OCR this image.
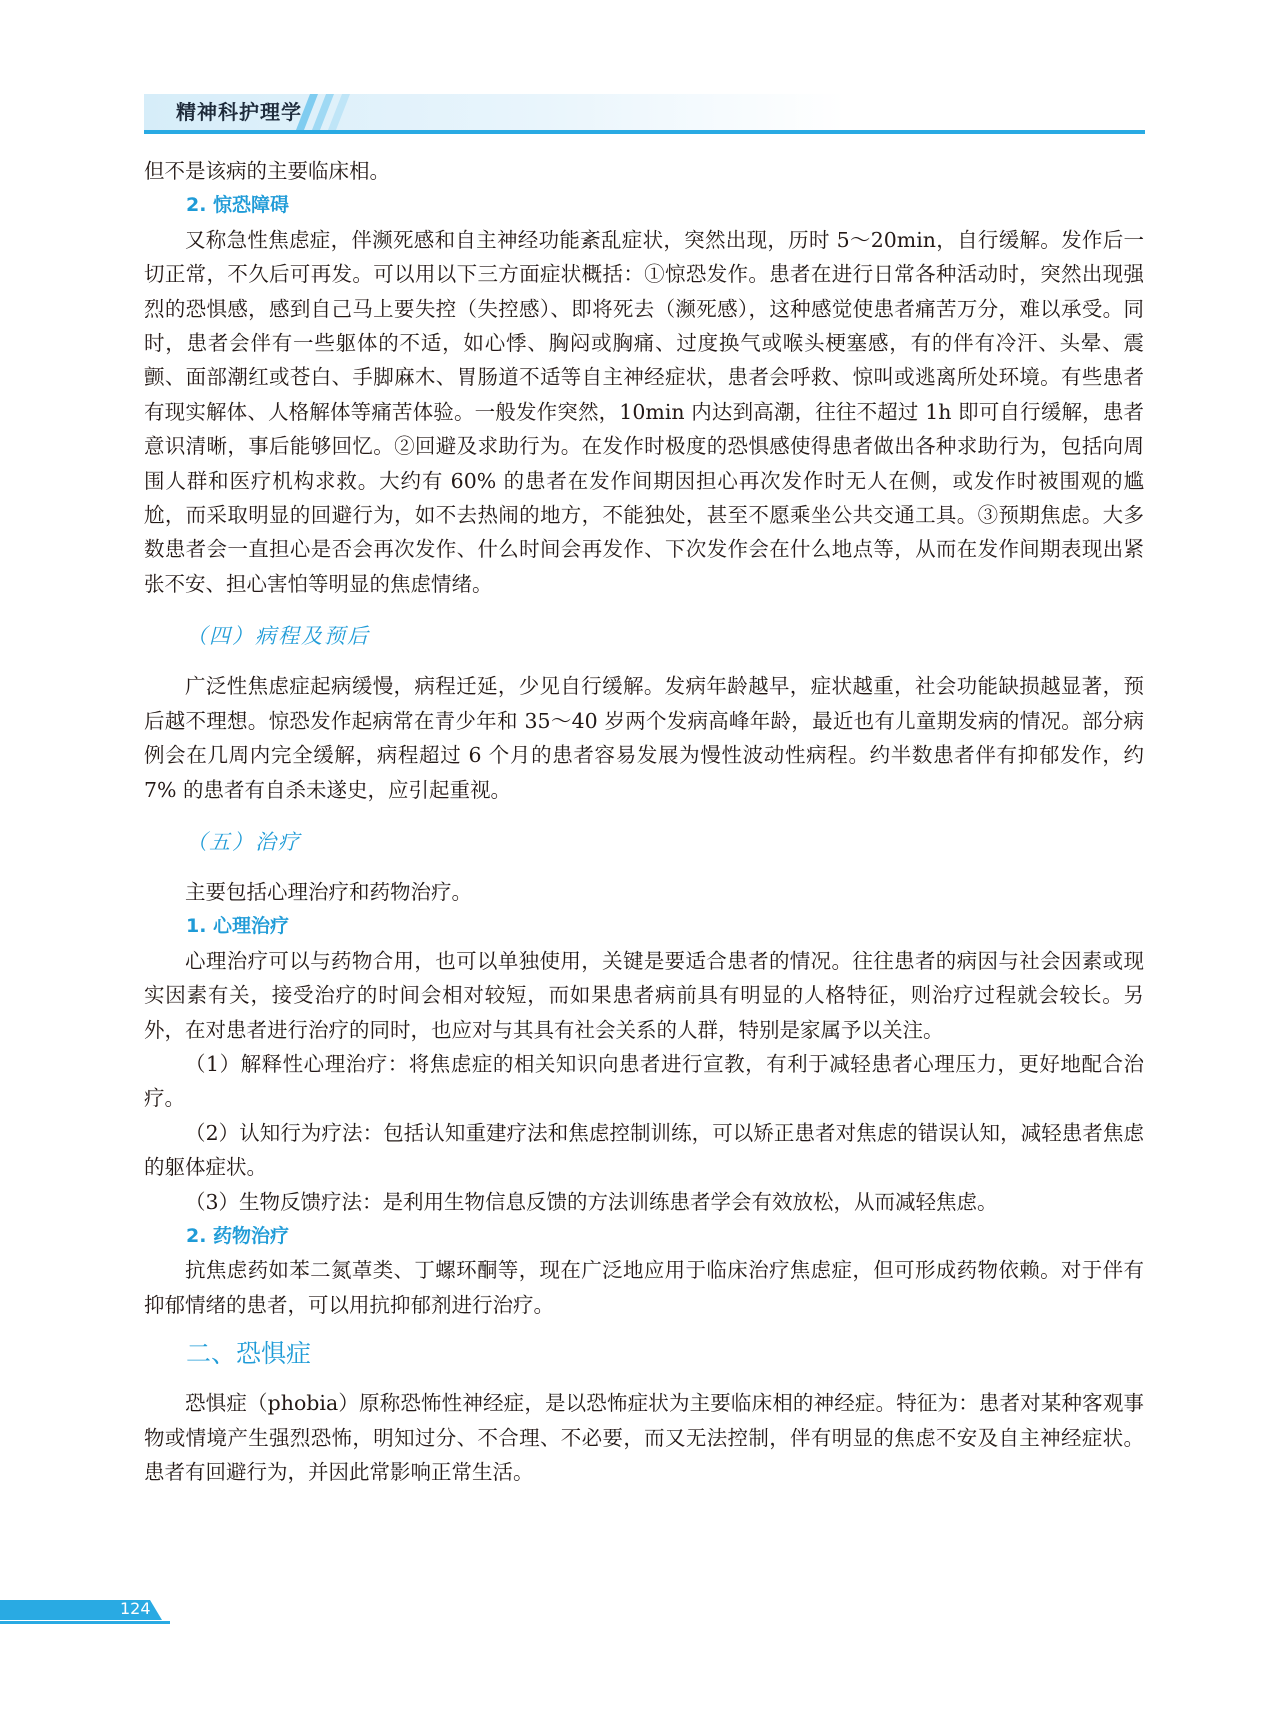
精神科护理学

但不是该病的主要临床相。

2. 惊恐障碍

又称急性焦虑症，伴濒死感和自主神经功能紊乱症状，突然出现，历时 5～20min，自行缓解。发作后一切正常，不久后可再发。可以用以下三方面症状概括：①惊恐发作。患者在进行日常各种活动时，突然出现强烈的恐惧感，感到自己马上要失控（失控感）、即将死去（濒死感），这种感觉使患者痛苦万分，难以承受。同时，患者会伴有一些躯体的不适，如心悸、胸闷或胸痛、过度换气或喉头梗塞感，有的伴有冷汗、头晕、震颤、面部潮红或苍白、手脚麻木、胃肠道不适等自主神经症状，患者会呼救、惊叫或逃离所处环境。有些患者有现实解体、人格解体等痛苦体验。一般发作突然，10min 内达到高潮，往往不超过 1h 即可自行缓解，患者意识清晰，事后能够回忆。②回避及求助行为。在发作时极度的恐惧感使得患者做出各种求助行为，包括向周围人群和医疗机构求救。大约有 60% 的患者在发作间期因担心再次发作时无人在侧，或发作时被围观的尴尬，而采取明显的回避行为，如不去热闹的地方，不能独处，甚至不愿乘坐公共交通工具。③预期焦虑。大多数患者会一直担心是否会再次发作、什么时间会再发作、下次发作会在什么地点等，从而在发作间期表现出紧张不安、担心害怕等明显的焦虑情绪。

（四）病程及预后

广泛性焦虑症起病缓慢，病程迁延，少见自行缓解。发病年龄越早，症状越重，社会功能缺损越显著，预后越不理想。惊恐发作起病常在青少年和 35～40 岁两个发病高峰年龄，最近也有儿童期发病的情况。部分病例会在几周内完全缓解，病程超过 6 个月的患者容易发展为慢性波动性病程。约半数患者伴有抑郁发作，约 7% 的患者有自杀未遂史，应引起重视。

（五）治疗

主要包括心理治疗和药物治疗。

1. 心理治疗

心理治疗可以与药物合用，也可以单独使用，关键是要适合患者的情况。往往患者的病因与社会因素或现实因素有关，接受治疗的时间会相对较短，而如果患者病前具有明显的人格特征，则治疗过程就会较长。另外，在对患者进行治疗的同时，也应对与其具有社会关系的人群，特别是家属予以关注。

（1）解释性心理治疗：将焦虑症的相关知识向患者进行宣教，有利于减轻患者心理压力，更好地配合治疗。

（2）认知行为疗法：包括认知重建疗法和焦虑控制训练，可以矫正患者对焦虑的错误认知，减轻患者焦虑的躯体症状。

（3）生物反馈疗法：是利用生物信息反馈的方法训练患者学会有效放松，从而减轻焦虑。

2. 药物治疗

抗焦虑药如苯二氮䓬类、丁螺环酮等，现在广泛地应用于临床治疗焦虑症，但可形成药物依赖。对于伴有抑郁情绪的患者，可以用抗抑郁剂进行治疗。

二、恐惧症

恐惧症（phobia）原称恐怖性神经症，是以恐怖症状为主要临床相的神经症。特征为：患者对某种客观事物或情境产生强烈恐怖，明知过分、不合理、不必要，而又无法控制，伴有明显的焦虑不安及自主神经症状。患者有回避行为，并因此常影响正常生活。

124
